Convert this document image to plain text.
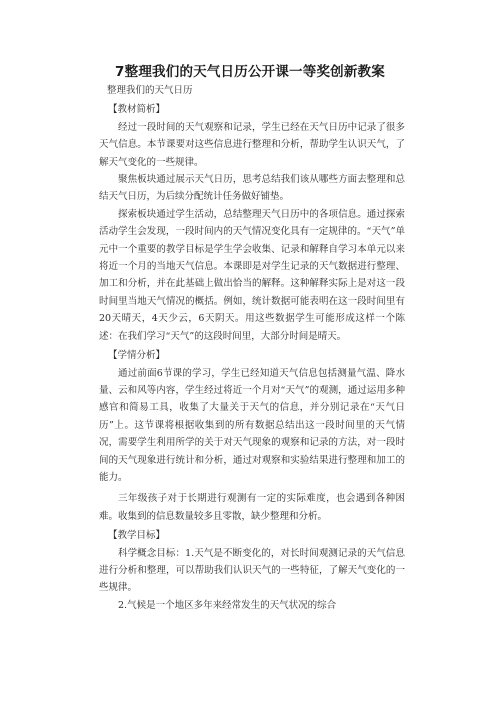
7整理我们的天气日历公开课一等奖创新教案

整理我们的天气日历

【教材简析】

经过一段时间的天气观察和记录，学生已经在天气日历中记录了很多天气信息。本节课要对这些信息进行整理和分析，帮助学生认识天气，了解天气变化的一些规律。

聚焦板块通过展示天气日历，思考总结我们该从哪些方面去整理和总结天气日历，为后续分配统计任务做好铺垫。

探索板块通过学生活动，总结整理天气日历中的各项信息。通过探索活动学生会发现，一段时间内的天气情况变化具有一定规律的。“天气”单元中一个重要的教学目标是学生学会收集、记录和解释自学习本单元以来将近一个月的当地天气信息。本课即是对学生记录的天气数据进行整理、加工和分析，并在此基础上做出恰当的解释。这种解释实际上是对这一段时间里当地天气情况的概括。例如，统计数据可能表明在这一段时间里有20天晴天，4天少云，6天阴天。用这些数据学生可能形成这样一个陈述：在我们学习“天气”的这段时间里，大部分时间是晴天。

【学情分析】

通过前面6节课的学习，学生已经知道天气信息包括测量气温、降水量、云和风等内容，学生经过将近一个月对“天气”的观测，通过运用多种感官和简易工具，收集了大量关于天气的信息，并分别记录在“天气日历”上。这节课将根据收集到的所有数据总结出这一段时间里的天气情况，需要学生利用所学的关于对天气现象的观察和记录的方法，对一段时间的天气现象进行统计和分析，通过对观察和实验结果进行整理和加工的能力。

三年级孩子对于长期进行观测有一定的实际难度，也会遇到各种困难。收集到的信息数量较多且零散，缺少整理和分析。

【教学目标】

科学概念目标：1.天气是不断变化的，对长时间观测记录的天气信息进行分析和整理，可以帮助我们认识天气的一些特征，了解天气变化的一些规律。

2.气候是一个地区多年来经常发生的天气状况的综合
